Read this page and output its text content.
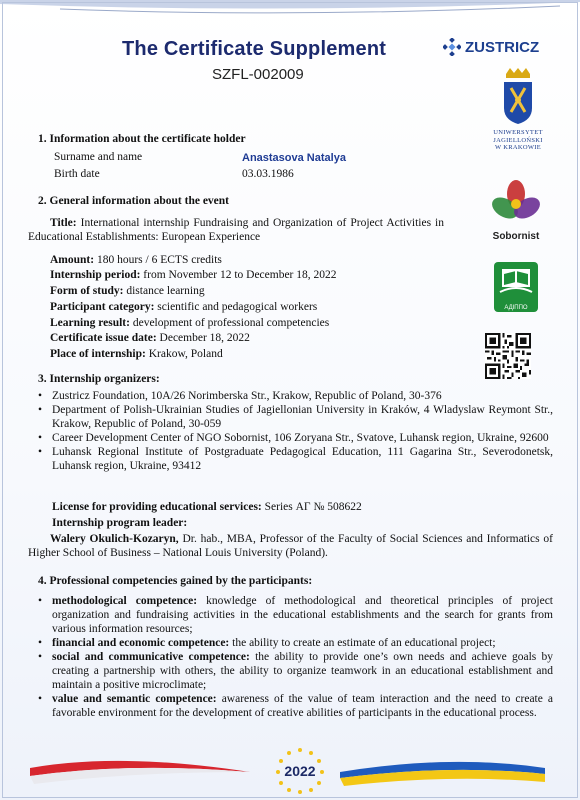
The Certificate Supplement
SZFL-002009
ZUSTRICZ
UNIWERSYTET
JAGIELLOŃSKI
W KRAKOWIE
Sobornist
АДІППО
1. Information about the certificate holder
Surname and name	Anastasova Natalya
Birth date	03.03.1986
2. General information about the event
Title: International internship Fundraising and Organization of Project Activities in Educational Establishments: European Experience
Amount: 180 hours / 6 ECTS credits
Internship period: from November 12 to December 18, 2022
Form of study: distance learning
Participant category: scientific and pedagogical workers
Learning result: development of professional competencies
Certificate issue date: December 18, 2022
Place of internship: Krakow, Poland
3. Internship organizers:
• Zustricz Foundation, 10A/26 Norimberska Str., Krakow, Republic of Poland, 30-376
• Department of Polish-Ukrainian Studies of Jagiellonian University in Kraków, 4 Wladyslaw Reymont Str., Krakow, Republic of Poland, 30-059
• Career Development Center of NGO Sobornist, 106 Zoryana Str., Svatove, Luhansk region, Ukraine, 92600
• Luhansk Regional Institute of Postgraduate Pedagogical Education, 111 Gagarina Str., Severodonetsk, Luhansk region, Ukraine, 93412
License for providing educational services: Series АГ № 508622
Internship program leader:
Walery Okulich-Kozaryn, Dr. hab., MBA, Professor of the Faculty of Social Sciences and Informatics of Higher School of Business – National Louis University (Poland).
4. Professional competencies gained by the participants:
• methodological competence: knowledge of methodological and theoretical principles of project organization and fundraising activities in the educational establishments and the search for grants from various information resources;
• financial and economic competence: the ability to create an estimate of an educational project;
• social and communicative competence: the ability to provide one’s own needs and achieve goals by creating a partnership with others, the ability to organize teamwork in an educational establishment and maintain a positive microclimate;
• value and semantic competence: awareness of the value of team interaction and the need to create a favorable environment for the development of creative abilities of participants in the educational process.
2022
